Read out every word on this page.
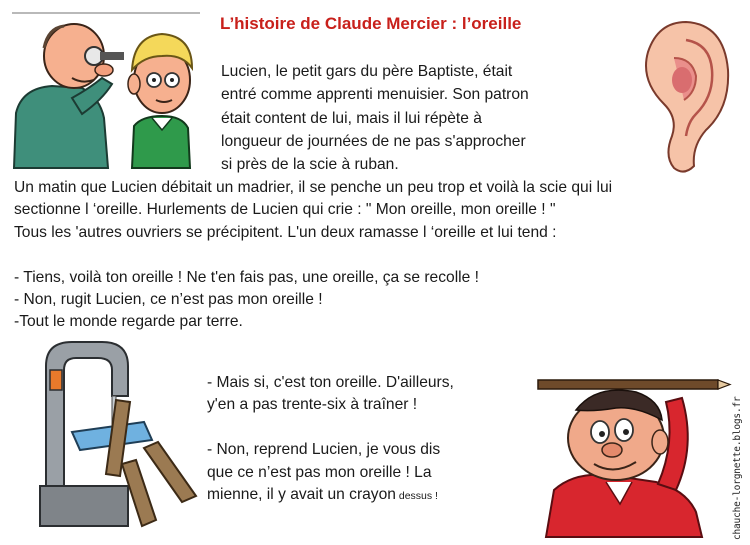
L’histoire de Claude Mercier : l’oreille
Lucien, le petit gars du père Baptiste, était
entré comme apprenti menuisier. Son patron
était content de lui, mais il lui répète à
longueur de journées de ne pas s'approcher
si près de la scie à ruban.
Un matin que Lucien débitait un madrier, il se penche un peu trop et voilà la scie qui lui
sectionne l ‘oreille. Hurlements de Lucien qui crie : " Mon oreille, mon oreille ! "
Tous les 'autres ouvriers se précipitent. L'un deux ramasse l ‘oreille et lui tend :
- Tiens, voilà ton oreille ! Ne t'en fais pas, une oreille, ça se recolle !
- Non, rugit Lucien, ce n’est pas mon oreille !
-Tout le monde regarde par terre.
- Mais si, c'est ton oreille. D'ailleurs,
y'en a pas trente-six à traîner !
- Non, reprend Lucien, je vous dis
que ce n’est pas mon oreille ! La
mienne, il y avait un crayon dessus !	chauche-lorgnette.blogs.fr
